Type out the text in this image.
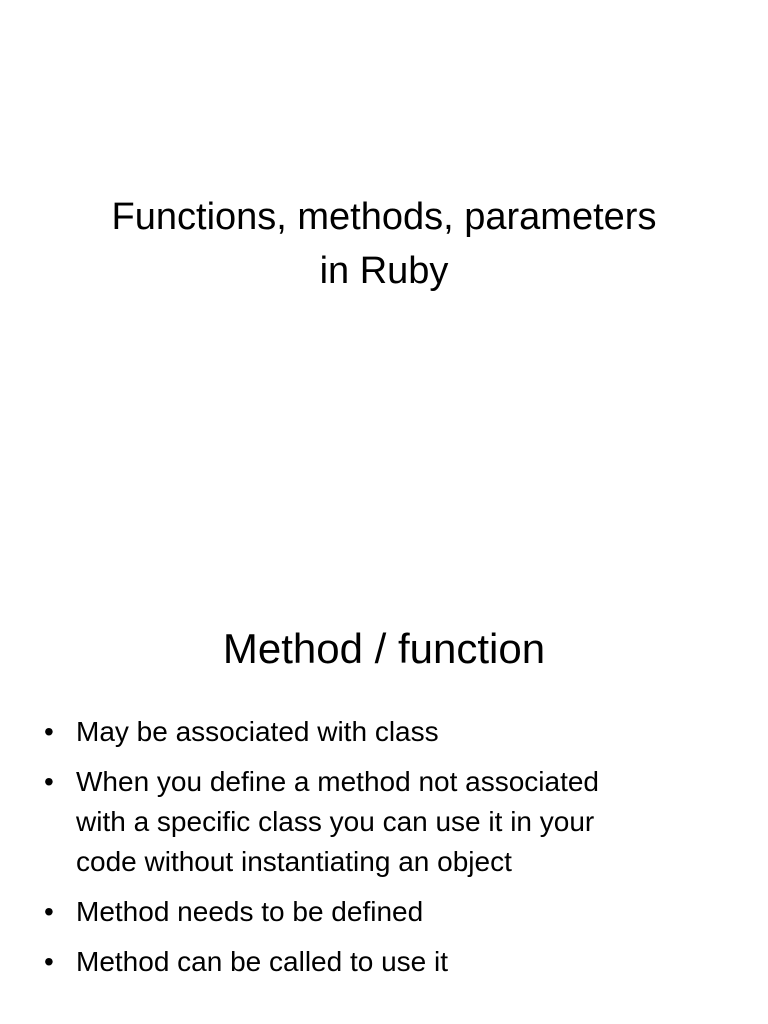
Functions, methods, parameters
in Ruby
Method / function
• May be associated with class
• When you define a method not associated
with a specific class you can use it in your
code without instantiating an object
• Method needs to be defined
• Method can be called to use it
